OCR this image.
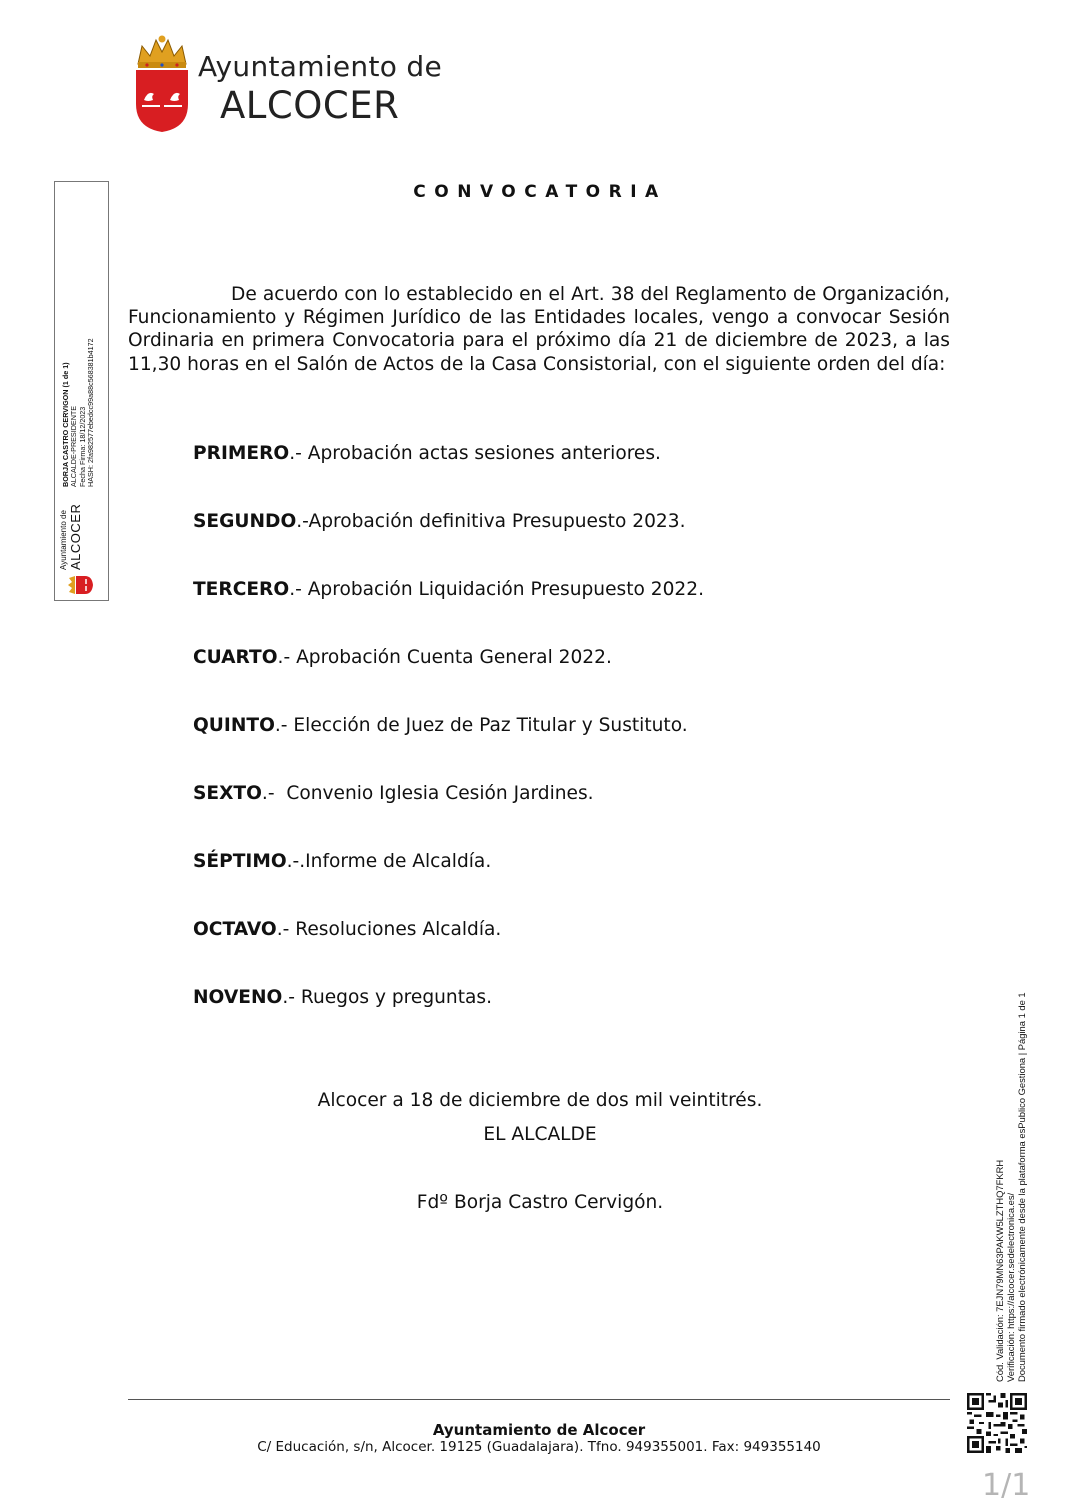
Ayuntamiento de
ALCOCER
Ayuntamiento de ALCOCER
BORJA CASTRO CERVIGON (1 de 1) ALCALDE-PRESIDENTE Fecha Firma: 18/12/2023 HASH: 2fa982577ebedcc99a88c568381b4172
CONVOCATORIA
De acuerdo con lo establecido en el Art. 38 del Reglamento de Organización, Funcionamiento y Régimen Jurídico de las Entidades locales, vengo a convocar Sesión Ordinaria en primera Convocatoria para el próximo día 21 de diciembre de 2023, a las 11,30 horas en el Salón de Actos de la Casa Consistorial, con el siguiente orden del día:
PRIMERO.- Aprobación actas sesiones anteriores.
SEGUNDO.-Aprobación definitiva Presupuesto 2023.
TERCERO.- Aprobación Liquidación Presupuesto 2022.
CUARTO.- Aprobación Cuenta General 2022.
QUINTO.- Elección de Juez de Paz Titular y Sustituto.
SEXTO.-  Convenio Iglesia Cesión Jardines.
SÉPTIMO.-.Informe de Alcaldía.
OCTAVO.- Resoluciones Alcaldía.
NOVENO.- Ruegos y preguntas.
Alcocer a 18 de diciembre de dos mil veintitrés.
EL ALCALDE
Fdº Borja Castro Cervigón.
Ayuntamiento de Alcocer
C/ Educación, s/n, Alcocer. 19125 (Guadalajara). Tfno. 949355001. Fax: 949355140
Cód. Validación: 7EJN79MN63PAKW5LZTHQ7FKRH Verificación: https://alcocer.sedelectronica.es/ Documento firmado electrónicamente desde la plataforma esPublico Gestiona | Página 1 de 1
1/1
